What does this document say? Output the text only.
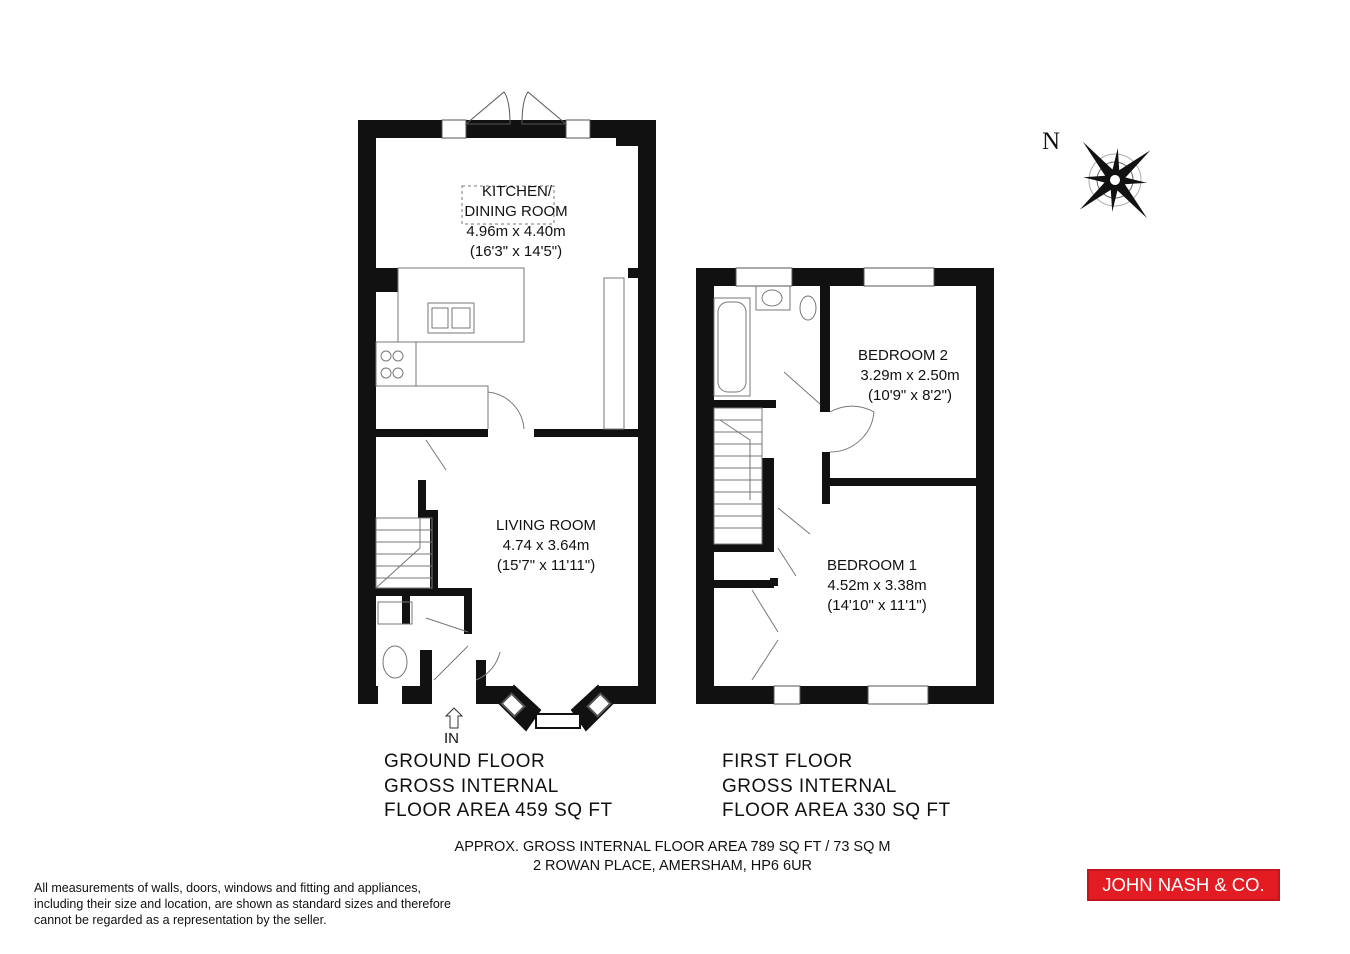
KITCHEN/
DINING ROOM
4.96m x 4.40m
(16'3" x 14'5")
LIVING ROOM
4.74 x 3.64m
(15'7" x 11'11")
BEDROOM 2
3.29m x 2.50m
(10'9" x 8'2")
BEDROOM 1
4.52m x 3.38m
(14'10" x 11'1")
N
IN
GROUND FLOOR
GROSS INTERNAL
FLOOR AREA 459 SQ FT
FIRST FLOOR
GROSS INTERNAL
FLOOR AREA 330 SQ FT
APPROX. GROSS INTERNAL FLOOR AREA 789 SQ FT / 73 SQ M
2 ROWAN PLACE, AMERSHAM, HP6 6UR
All measurements of walls, doors, windows and fitting and appliances,
including their size and location, are shown as standard sizes and therefore
cannot be regarded as a representation by the seller.
JOHN NASH & CO.
